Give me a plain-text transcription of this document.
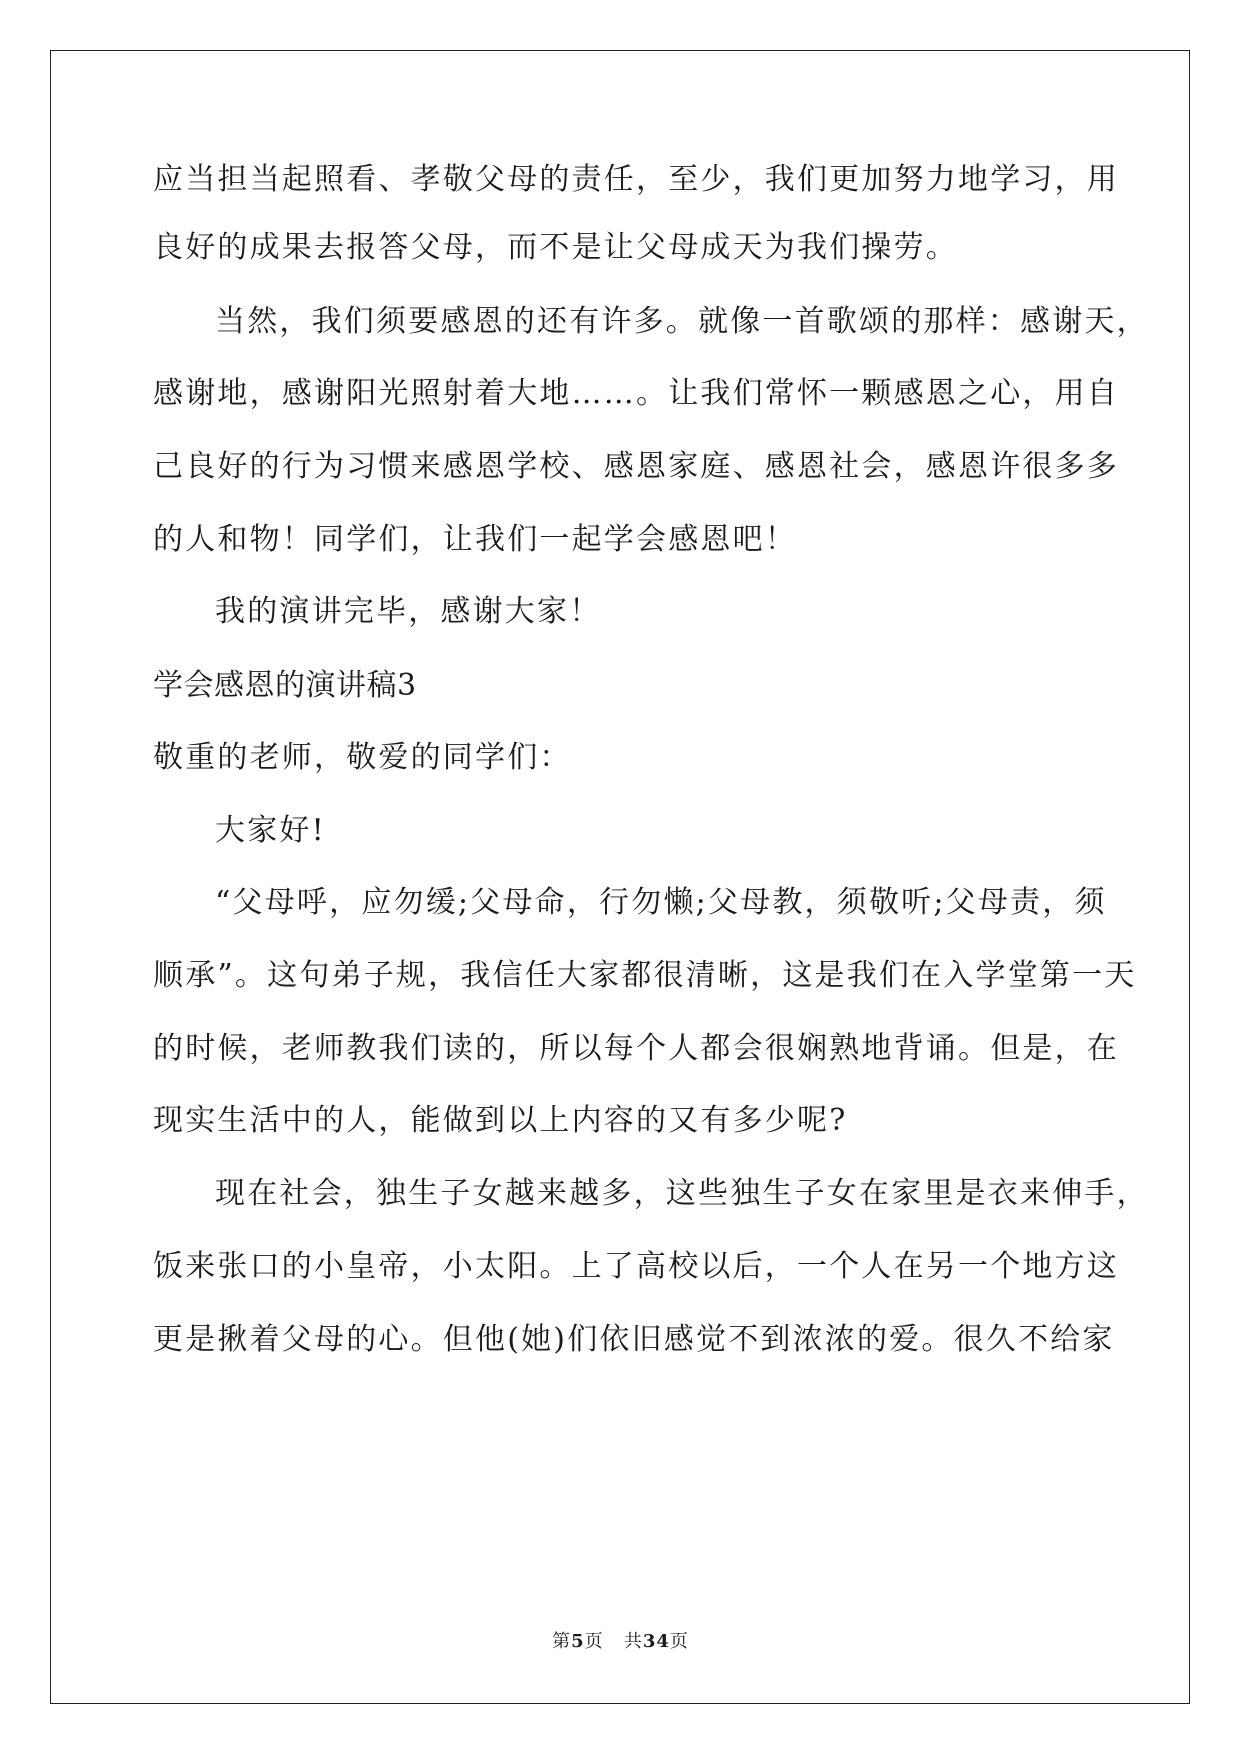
应当担当起照看、孝敬父母的责任，至少，我们更加努力地学习，用
良好的成果去报答父母，而不是让父母成天为我们操劳。
当然，我们须要感恩的还有许多。就像一首歌颂的那样：感谢天，
感谢地，感谢阳光照射着大地……。让我们常怀一颗感恩之心，用自
己良好的行为习惯来感恩学校、感恩家庭、感恩社会，感恩许很多多
的人和物！同学们，让我们一起学会感恩吧！
我的演讲完毕，感谢大家！
学会感恩的演讲稿3
敬重的老师，敬爱的同学们：
大家好!
“父母呼，应勿缓;父母命，行勿懒;父母教，须敬听;父母责，须
顺承”。这句弟子规，我信任大家都很清晰，这是我们在入学堂第一天
的时候，老师教我们读的，所以每个人都会很娴熟地背诵。但是，在
现实生活中的人，能做到以上内容的又有多少呢?
现在社会，独生子女越来越多，这些独生子女在家里是衣来伸手，
饭来张口的小皇帝，小太阳。上了高校以后，一个人在另一个地方这
更是揪着父母的心。但他(她)们依旧感觉不到浓浓的爱。很久不给家
第5页 共34页
